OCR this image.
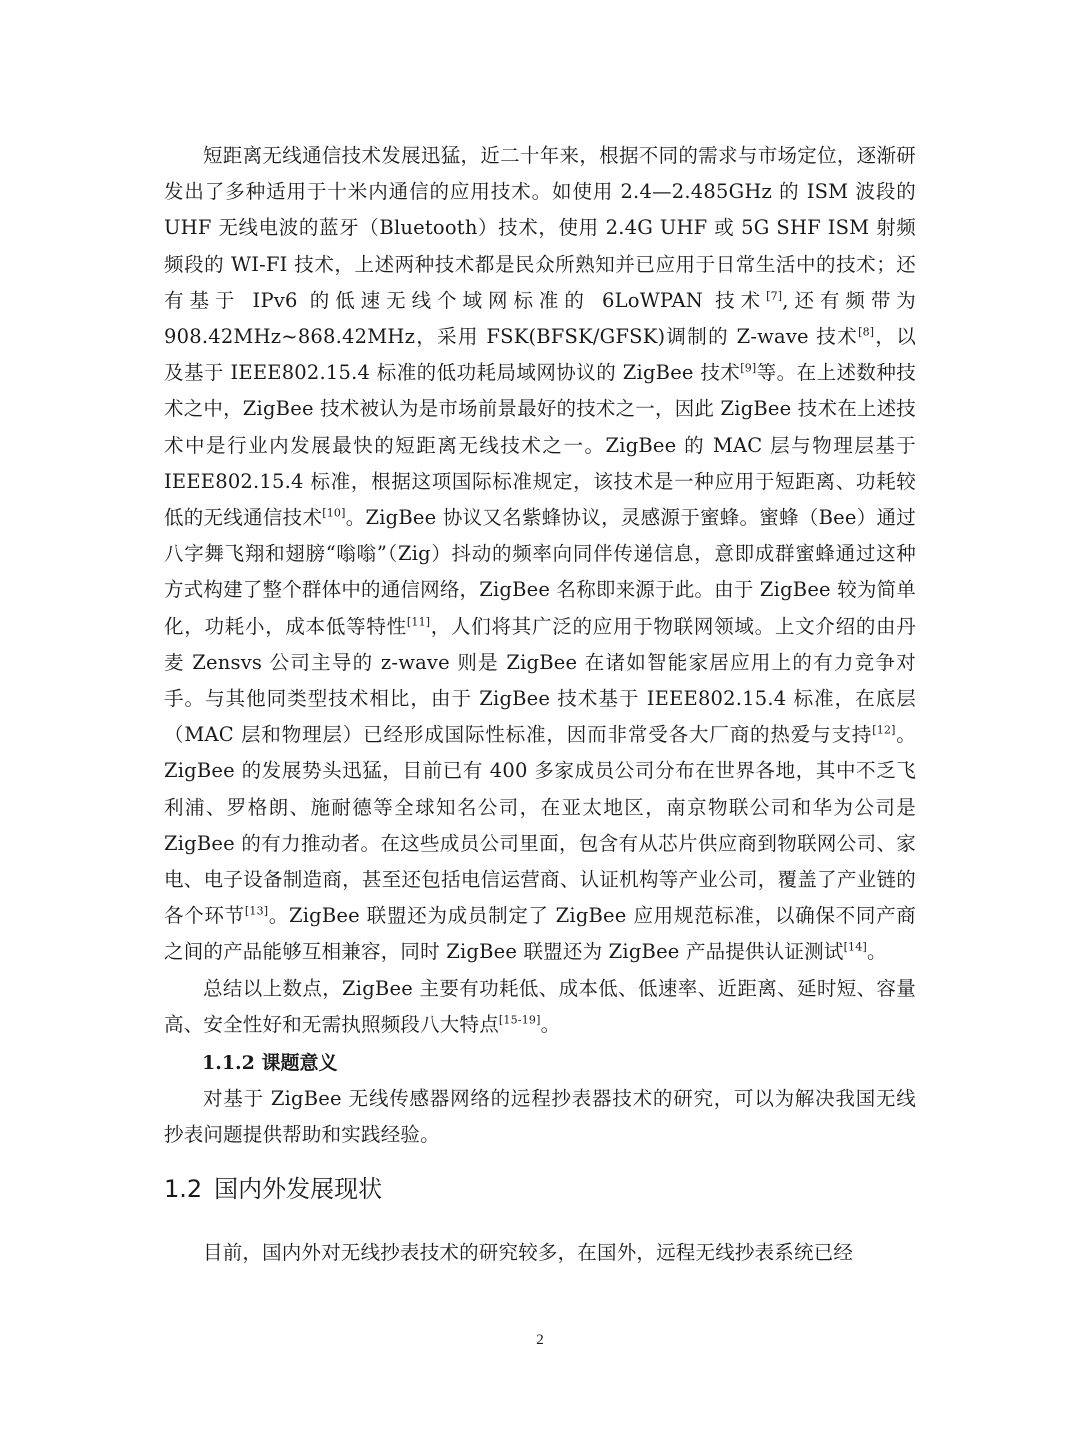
短距离无线通信技术发展迅猛，近二十年来，根据不同的需求与市场定位，逐渐研发出了多种适用于十米内通信的应用技术。如使用 2.4—2.485GHz 的 ISM 波段的 UHF 无线电波的蓝牙（Bluetooth）技术，使用 2.4G UHF 或 5G SHF ISM 射频频段的 WI-FI 技术，上述两种技术都是民众所熟知并已应用于日常生活中的技术；还有基于 IPv6 的低速无线个域网标准的 6LoWPAN 技术[7],还有频带为 908.42MHz~868.42MHz，采用 FSK(BFSK/GFSK)调制的 Z-wave 技术[8]，以及基于 IEEE802.15.4 标准的低功耗局域网协议的 ZigBee 技术[9]等。在上述数种技术之中，ZigBee 技术被认为是市场前景最好的技术之一，因此 ZigBee 技术在上述技术中是行业内发展最快的短距离无线技术之一。ZigBee 的 MAC 层与物理层基于 IEEE802.15.4 标准，根据这项国际标准规定，该技术是一种应用于短距离、功耗较低的无线通信技术[10]。ZigBee 协议又名紫蜂协议，灵感源于蜜蜂。蜜蜂（Bee）通过八字舞飞翔和翅膀“嗡嗡”（Zig）抖动的频率向同伴传递信息，意即成群蜜蜂通过这种方式构建了整个群体中的通信网络，ZigBee 名称即来源于此。由于 ZigBee 较为简单化，功耗小，成本低等特性[11]，人们将其广泛的应用于物联网领域。上文介绍的由丹麦 Zensvs 公司主导的 z-wave 则是 ZigBee 在诸如智能家居应用上的有力竞争对手。与其他同类型技术相比，由于 ZigBee 技术基于 IEEE802.15.4 标准，在底层（MAC 层和物理层）已经形成国际性标准，因而非常受各大厂商的热爱与支持[12]。ZigBee 的发展势头迅猛，目前已有 400 多家成员公司分布在世界各地，其中不乏飞利浦、罗格朗、施耐德等全球知名公司，在亚太地区，南京物联公司和华为公司是 ZigBee 的有力推动者。在这些成员公司里面，包含有从芯片供应商到物联网公司、家电、电子设备制造商，甚至还包括电信运营商、认证机构等产业公司，覆盖了产业链的各个环节[13]。ZigBee 联盟还为成员制定了 ZigBee 应用规范标准，以确保不同产商之间的产品能够互相兼容，同时 ZigBee 联盟还为 ZigBee 产品提供认证测试[14]。

总结以上数点，ZigBee 主要有功耗低、成本低、低速率、近距离、延时短、容量高、安全性好和无需执照频段八大特点[15-19]。

1.1.2 课题意义

对基于 ZigBee 无线传感器网络的远程抄表器技术的研究，可以为解决我国无线抄表问题提供帮助和实践经验。

1.2 国内外发展现状

目前，国内外对无线抄表技术的研究较多，在国外，远程无线抄表系统已经

2
